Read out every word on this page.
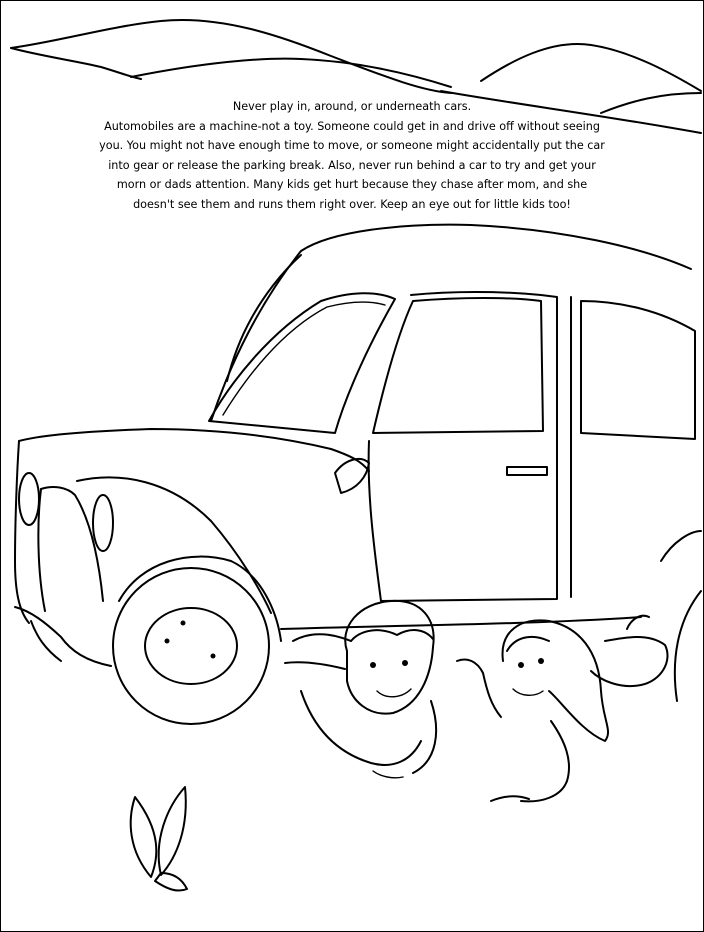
Never play in, around, or underneath cars.
Automobiles are a machine-not a toy. Someone could get in and drive off without seeing
you. You might not have enough time to move, or someone might accidentally put the car
into gear or release the parking break. Also, never run behind a car to try and get your
morn or dads attention. Many kids get hurt because they chase after mom, and she
doesn't see them and runs them right over. Keep an eye out for little kids too!
